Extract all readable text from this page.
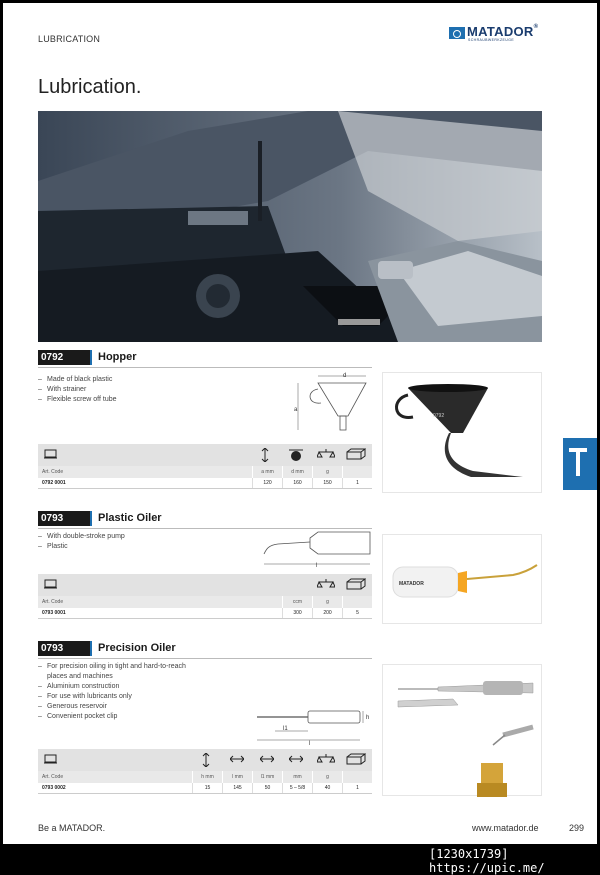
LUBRICATION	MATADOR®
SCHRAUBWERKZEUGE
Lubrication.
0792	Hopper
– Made of black plastic
– With strainer
– Flexible screw off tube
d
a
Art. Code	a mm	d mm	g
0792 0001	120	160	150	1
0792
0793	Plastic Oiler
– With double-stroke pump
– Plastic
l
Art. Code	ccm	g
0793 0001	300	200	5
MATADOR
0793	Precision Oiler
– For precision oiling in tight and hard-to-reach places and machines
– Aluminium construction
– For use with lubricants only
– Generous reservoir
– Convenient pocket clip	h
l1
l
Art. Code	h mm	l mm	l1 mm	mm	g
0793 0002	15	145	50	5 – 5/8	40	1
Be a MATADOR.	www.matador.de	299
[1230x1739] https://upic.me/
